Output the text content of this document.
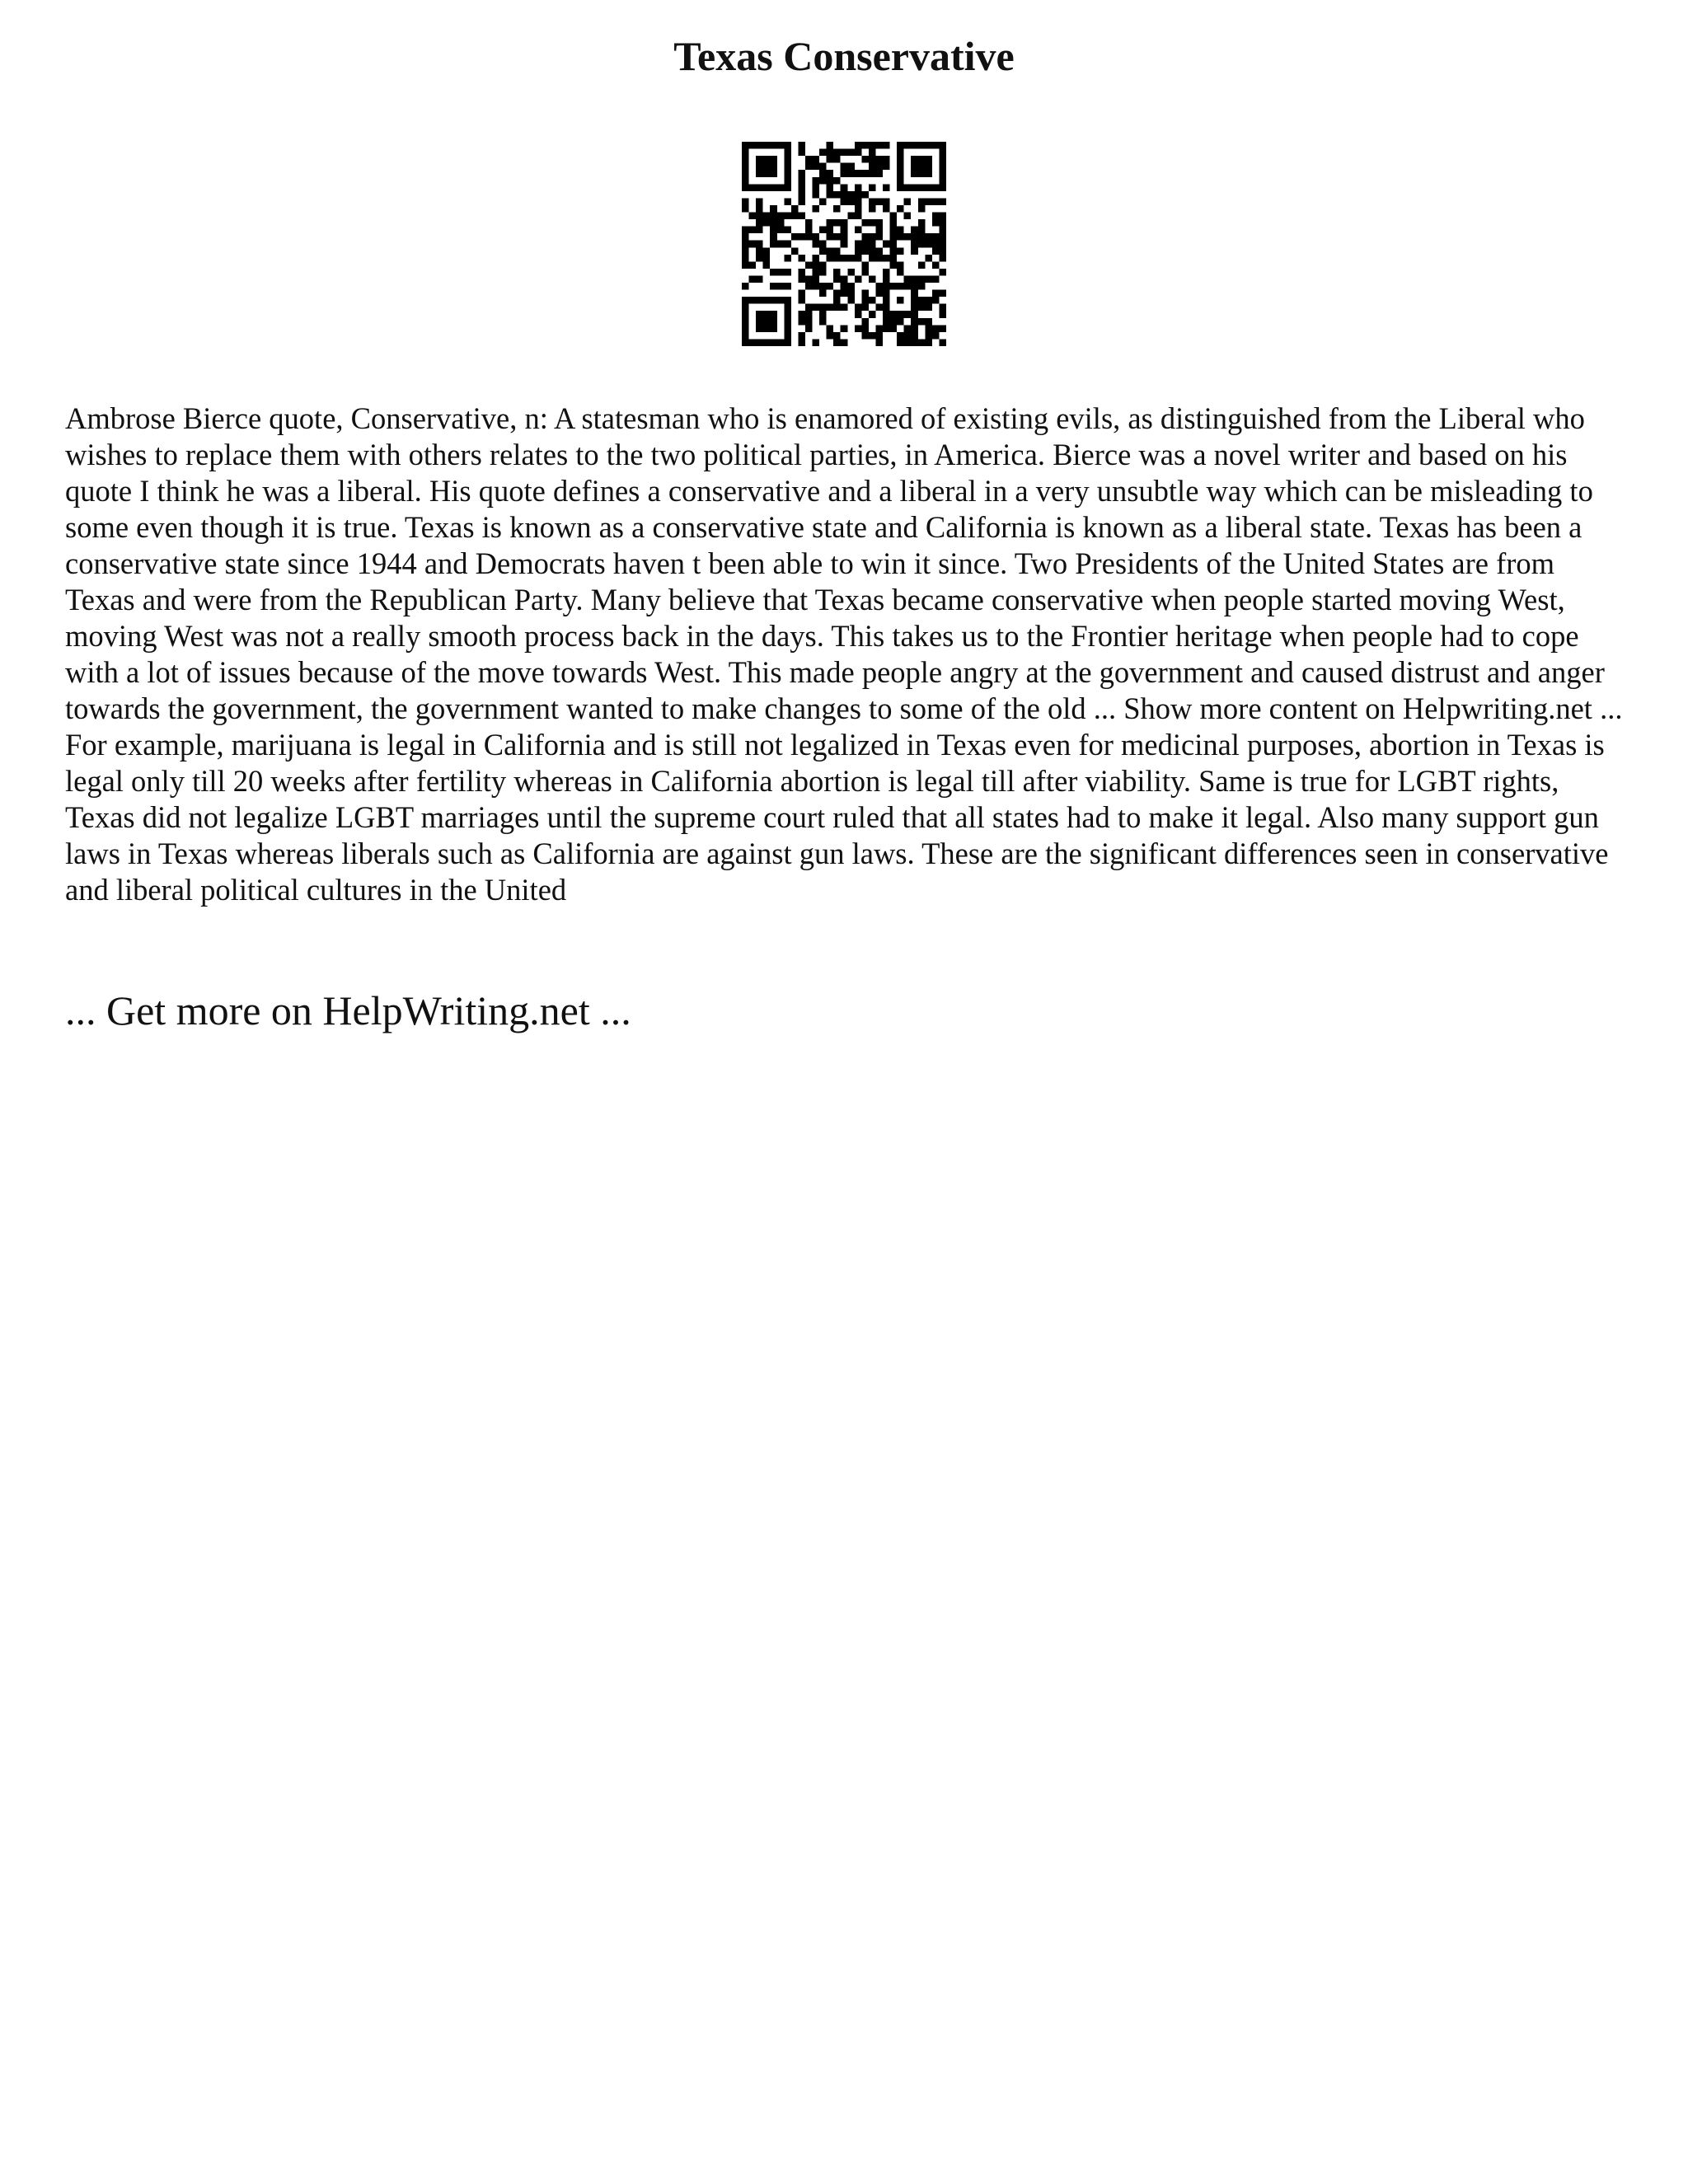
Texas Conservative

Ambrose Bierce quote, Conservative, n: A statesman who is enamored of existing evils, as distinguished from the Liberal who wishes to replace them with others relates to the two political parties, in America. Bierce was a novel writer and based on his quote I think he was a liberal. His quote defines a conservative and a liberal in a very unsubtle way which can be misleading to some even though it is true. Texas is known as a conservative state and California is known as a liberal state. Texas has been a conservative state since 1944 and Democrats haven t been able to win it since. Two Presidents of the United States are from Texas and were from the Republican Party. Many believe that Texas became conservative when people started moving West, moving West was not a really smooth process back in the days. This takes us to the Frontier heritage when people had to cope with a lot of issues because of the move towards West. This made people angry at the government and caused distrust and anger towards the government, the government wanted to make changes to some of the old ... Show more content on Helpwriting.net ...

For example, marijuana is legal in California and is still not legalized in Texas even for medicinal purposes, abortion in Texas is legal only till 20 weeks after fertility whereas in California abortion is legal till after viability. Same is true for LGBT rights, Texas did not legalize LGBT marriages until the supreme court ruled that all states had to make it legal. Also many support gun laws in Texas whereas liberals such as California are against gun laws. These are the significant differences seen in conservative and liberal political cultures in the United

... Get more on HelpWriting.net ...
